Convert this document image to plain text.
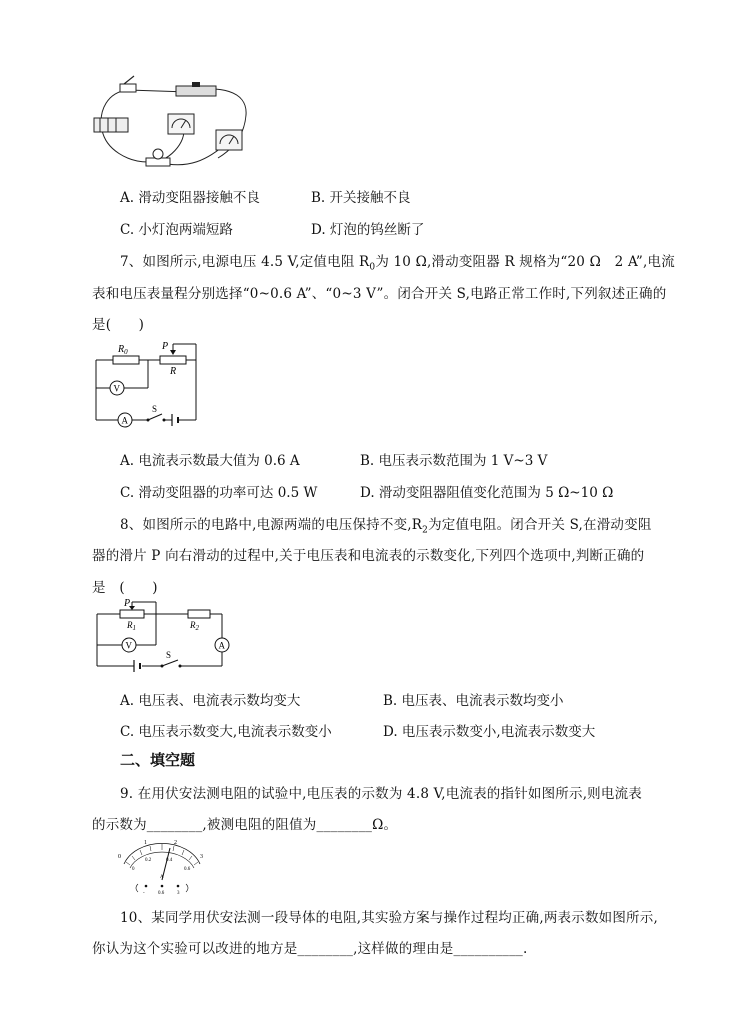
A. 滑动变阻器接触不良	B. 开关接触不良
C. 小灯泡两端短路	D. 灯泡的钨丝断了
7、如图所示,电源电压 4.5 V,定值电阻 $R_0$为 10 Ω,滑动变阻器 R 规格为“20 Ω　2 A”,电流
表和电压表量程分别选择“0~0.6 A”、“0~3 V”。闭合开关 S,电路正常工作时,下列叙述正确的
是(　　)
$R_0$	P
R
V
A
S
A. 电流表示数最大值为 0.6 A	B. 电压表示数范围为 1 V~3 V
C. 滑动变阻器的功率可达 0.5 W	D. 滑动变阻器阻值变化范围为 5 Ω~10 Ω
8、如图所示的电路中,电源两端的电压保持不变$,R_2$为定值电阻。闭合开关 S,在滑动变阻
器的滑片 P 向右滑动的过程中,关于电压表和电流表的示数变化,下列四个选项中,判断正确的
是　(　　)
P
$R_1$	$R_2$
V	A
S
A. 电压表、电流表示数均变大	B. 电压表、电流表示数均变小
C. 电压表示数变大,电流表示数变小	D. 电压表示数变小,电流表示数变大
二、填空题
9. 在用伏安法测电阻的试验中,电压表的示数为 4.8 V,电流表的指针如图所示,则电流表
的示数为________,被测电阻的阻值为________Ω。
0
1	2
3
0
0.2	0.4
0.6
A
-	0.6	3
10、某同学用伏安法测一段导体的电阻,其实验方案与操作过程均正确,两表示数如图所示,
你认为这个实验可以改进的地方是________,这样做的理由是__________.
